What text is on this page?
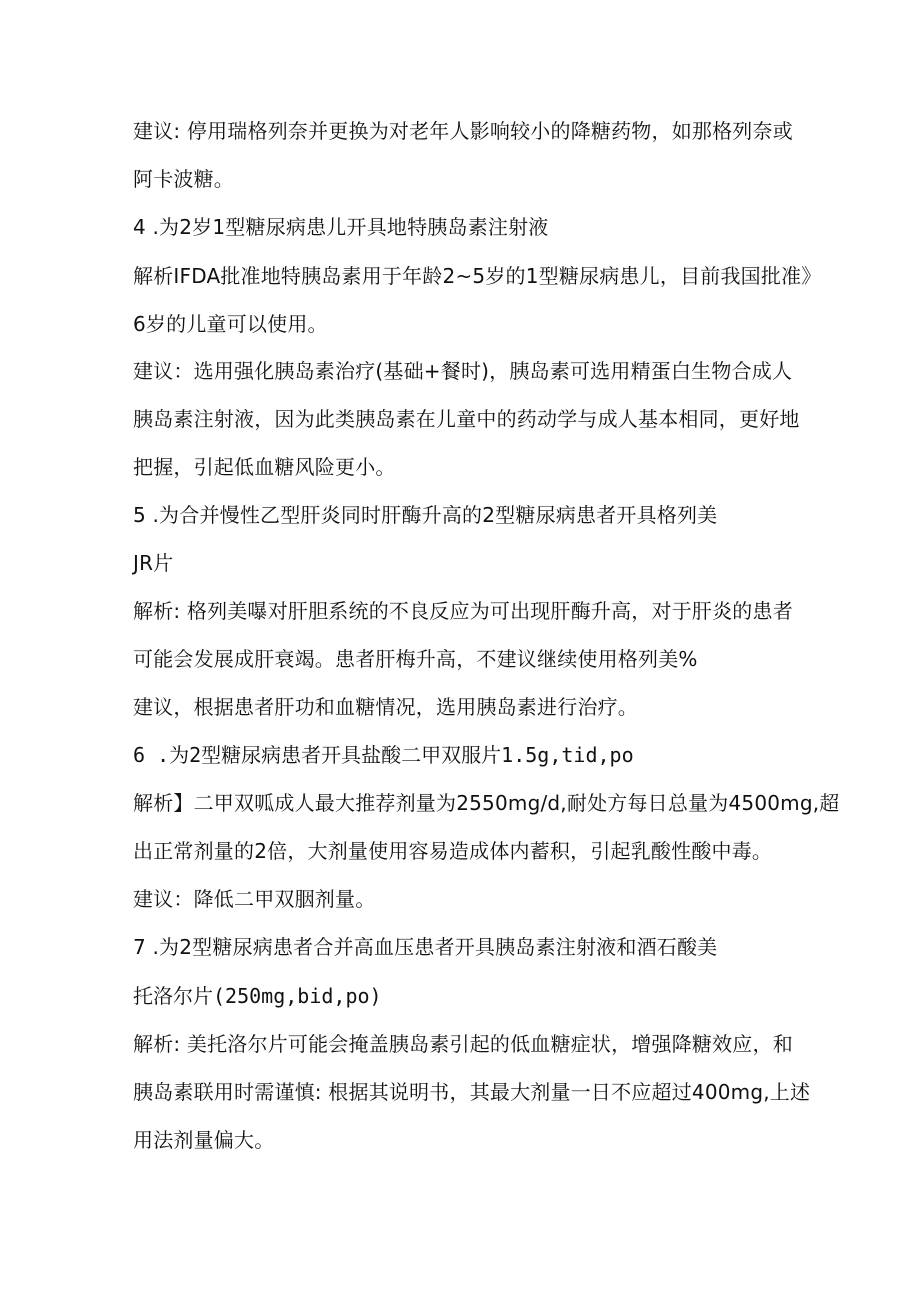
建议: 停用瑞格列奈并更换为对老年人影响较小的降糖药物，如那格列奈或

阿卡波糖。

4 .为2岁1型糖尿病患儿开具地特胰岛素注射液

解析IFDA批准地特胰岛素用于年龄2~5岁的1型糖尿病患儿，目前我国批准》

6岁的儿童可以使用。

建议：选用强化胰岛素治疗(基础+餐时)，胰岛素可选用精蛋白生物合成人

胰岛素注射液，因为此类胰岛素在儿童中的药动学与成人基本相同，更好地

把握，引起低血糖风险更小。

5 .为合并慢性乙型肝炎同时肝酶升高的2型糖尿病患者开具格列美

JR片

解析: 格列美嚗对肝胆系统的不良反应为可出现肝酶升高，对于肝炎的患者

可能会发展成肝衰竭。患者肝梅升高，不建议继续使用格列美%

建议，根据患者肝功和血糖情况，选用胰岛素进行治疗。

6 .为2型糖尿病患者开具盐酸二甲双服片1.5g,tid,po

解析】二甲双呱成人最大推荐剂量为2550mg/d,耐处方每日总量为4500mg,超

出正常剂量的2倍，大剂量使用容易造成体内蓄积，引起乳酸性酸中毒。

建议：降低二甲双胭剂量。

7 .为2型糖尿病患者合并高血压患者开具胰岛素注射液和酒石酸美

托洛尔片(250mg,bid,po)

解析: 美托洛尔片可能会掩盖胰岛素引起的低血糖症状，增强降糖效应，和

胰岛素联用时需谨慎: 根据其说明书，其最大剂量一日不应超过400mg,上述

用法剂量偏大。
